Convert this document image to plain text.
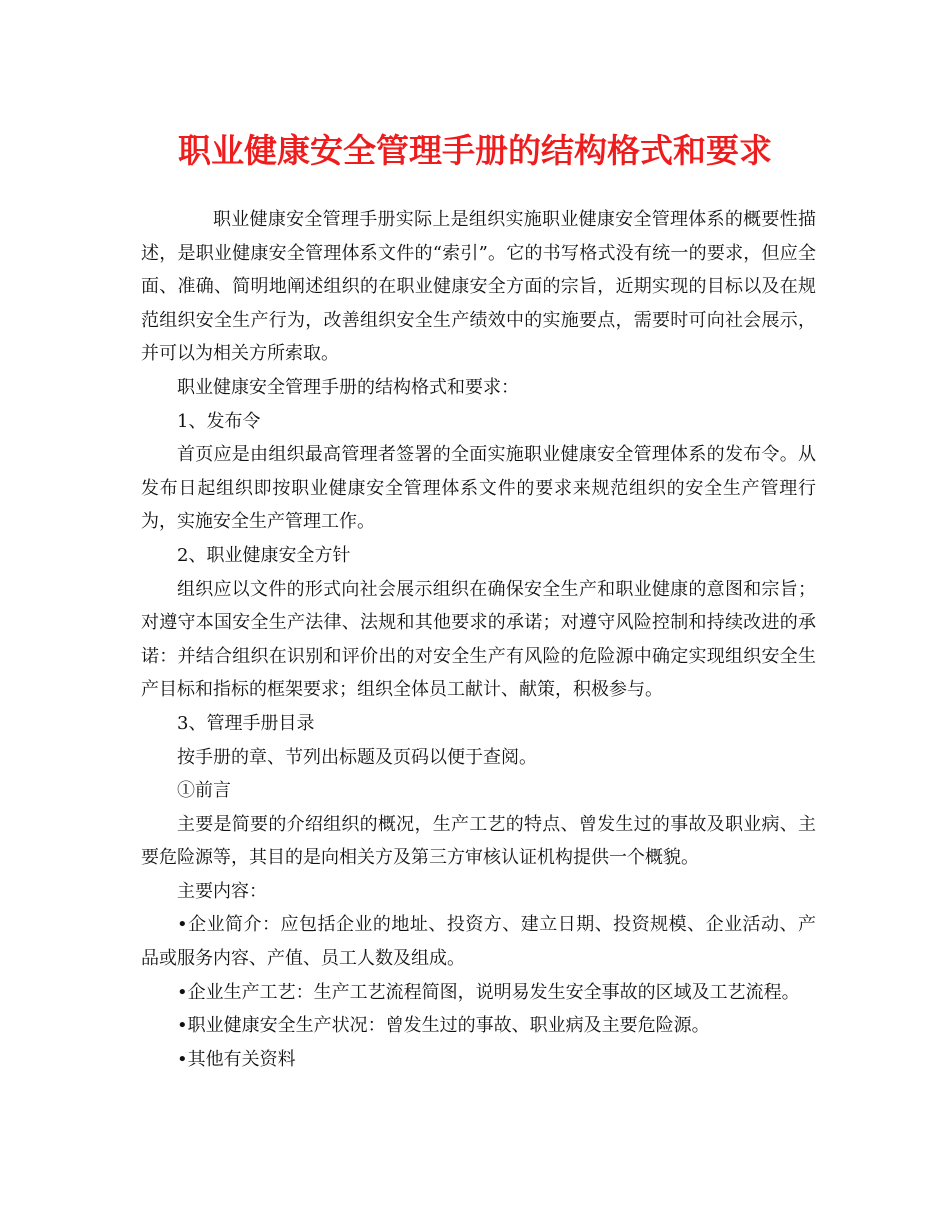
职业健康安全管理手册的结构格式和要求

职业健康安全管理手册实际上是组织实施职业健康安全管理体系的概要性描述，是职业健康安全管理体系文件的“索引”。它的书写格式没有统一的要求，但应全面、准确、简明地阐述组织的在职业健康安全方面的宗旨，近期实现的目标以及在规范组织安全生产行为，改善组织安全生产绩效中的实施要点，需要时可向社会展示，并可以为相关方所索取。

职业健康安全管理手册的结构格式和要求：

1、发布令

首页应是由组织最高管理者签署的全面实施职业健康安全管理体系的发布令。从发布日起组织即按职业健康安全管理体系文件的要求来规范组织的安全生产管理行为，实施安全生产管理工作。

2、职业健康安全方针

组织应以文件的形式向社会展示组织在确保安全生产和职业健康的意图和宗旨；对遵守本国安全生产法律、法规和其他要求的承诺；对遵守风险控制和持续改进的承诺：并结合组织在识别和评价出的对安全生产有风险的危险源中确定实现组织安全生产目标和指标的框架要求；组织全体员工献计、献策，积极参与。

3、管理手册目录

按手册的章、节列出标题及页码以便于查阅。

①前言

主要是简要的介绍组织的概况，生产工艺的特点、曾发生过的事故及职业病、主要危险源等，其目的是向相关方及第三方审核认证机构提供一个概貌。

主要内容：

•企业简介：应包括企业的地址、投资方、建立日期、投资规模、企业活动、产品或服务内容、产值、员工人数及组成。

•企业生产工艺：生产工艺流程简图，说明易发生安全事故的区域及工艺流程。

•职业健康安全生产状况：曾发生过的事故、职业病及主要危险源。

•其他有关资料
